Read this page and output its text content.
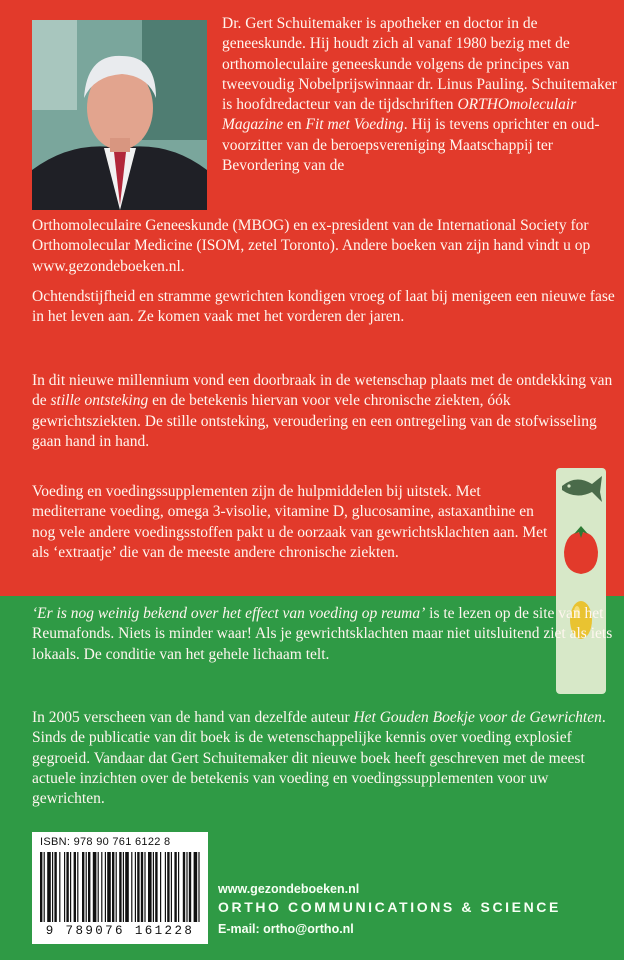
Dr. Gert Schuitemaker is apotheker en doctor in de geneeskunde. Hij houdt zich al vanaf 1980 bezig met de orthomoleculaire geneeskunde volgens de principes van tweevoudig Nobelprijswinnaar dr. Linus Pauling. Schuitemaker is hoofdredacteur van de tijdschriften ORTHOmoleculair Magazine en Fit met Voeding. Hij is tevens oprichter en oud-voorzitter van de beroepsvereniging Maatschappij ter Bevordering van de
Orthomoleculaire Geneeskunde (MBOG) en ex-president van de International Society for Orthomolecular Medicine (ISOM, zetel Toronto). Andere boeken van zijn hand vindt u op www.gezondeboeken.nl.
Ochtendstijfheid en stramme gewrichten kondigen vroeg of laat bij menigeen een nieuwe fase in het leven aan. Ze komen vaak met het vorderen der jaren.
In dit nieuwe millennium vond een doorbraak in de wetenschap plaats met de ontdekking van de stille ontsteking en de betekenis hiervan voor vele chronische ziekten, óók gewrichtsziekten. De stille ontsteking, veroudering en een ontregeling van de stofwisseling gaan hand in hand.
Voeding en voedingssupplementen zijn de hulpmiddelen bij uitstek. Met mediterrane voeding, omega 3-visolie, vitamine D, glucosamine, astaxanthine en nog vele andere voedingsstoffen pakt u de oorzaak van gewrichtsklachten aan. Met als ‘extraatje’ die van de meeste andere chronische ziekten.
‘Er is nog weinig bekend over het effect van voeding op reuma’ is te lezen op de site van het Reumafonds. Niets is minder waar! Als je gewrichtsklachten maar niet uitsluitend ziet als iets lokaals. De conditie van het gehele lichaam telt.
In 2005 verscheen van de hand van dezelfde auteur Het Gouden Boekje voor de Gewrichten. Sinds de publicatie van dit boek is de wetenschappelijke kennis over voeding explosief gegroeid. Vandaar dat Gert Schuitemaker dit nieuwe boek heeft geschreven met de meest actuele inzichten over de betekenis van voeding en voedingssupplementen voor uw gewrichten.
ISBN: 978 90 761 6122 8
9 789076 161228
www.gezondeboeken.nl
ORTHO COMMUNICATIONS & SCIENCE
E-mail: ortho@ortho.nl
